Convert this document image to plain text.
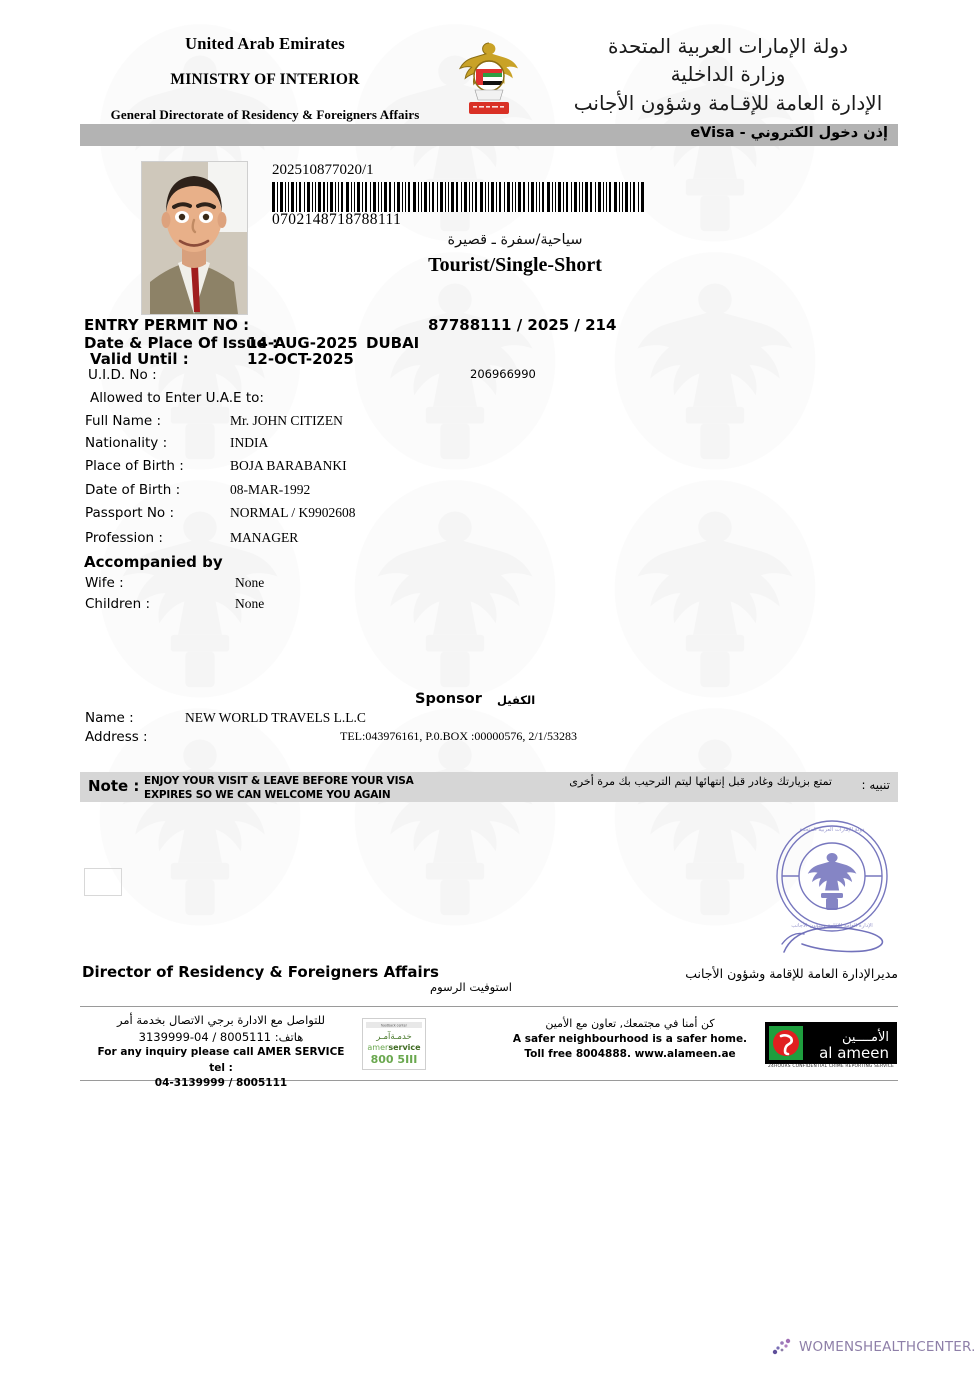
United Arab Emirates
MINISTRY OF INTERIOR
General Directorate of Residency & Foreigners Affairs
دولة الإمارات العربية المتحدة
وزارة الداخلية
الإدارة العامة للإقـامة وشؤون الأجانب
إذن دخول الكتروني - eVisa
202510877020/1
0702148718788111
سياحية/سفرة ـ قصيرة
Tourist/Single-Short
ENTRY PERMIT NO :	87788111 / 2025 / 214
Date & Place Of Issue :
14-AUG-2025 DUBAI
Valid Until :	12-OCT-2025
U.I.D. No :	206966990
Allowed to Enter U.A.E to:
Full Name :	Mr. JOHN CITIZEN
Nationality :	INDIA
Place of Birth :	BOJA BARABANKI
Date of Birth :	08-MAR-1992
Passport No :	NORMAL / K9902608
Profession :	MANAGER
Accompanied by
Wife :	None
Children :	None
Name :	NEW WORLD TRAVELS L.L.C
Address :	TEL:043976161, P.0.BOX :00000576, 2/1/53283
Sponsor الكفيل
Note : ENJOY YOUR VISIT & LEAVE BEFORE YOUR VISA
EXPIRES SO WE CAN WELCOME YOU AGAIN
تمتع بزيارتك وغادر قبل إنتهائها ليتم الترحيب بك مرة أخرى تنبيه :
دولة الإمارات العربية المتحدة
الإدارة العامة للإقامة وشؤون الأجانب
Director of Residency & Foreigners Affairs	مديرالإدارة العامة للإقامة وشؤون الأجانب
استوفيت الرسوم
للتواصل مع الادارة برجي الاتصال بخدمة أمر
هاتف: 8005111 / 04-3139999
For any inquiry please call AMER SERVICE tel :
04-3139999 / 8005111
feedback center
خدمـةآمـر
amerservice
800 5III
كن أمنا في مجتمعك, تعاون مع الأمين
A safer neighbourhood is a safer home.
Toll free 8004888. www.alameen.ae
الأمــــين
al ameen
24HOURS CONFIDENTIAL CRIME REPORTING SERVICE
WOMENSHEALTHCENTER.
